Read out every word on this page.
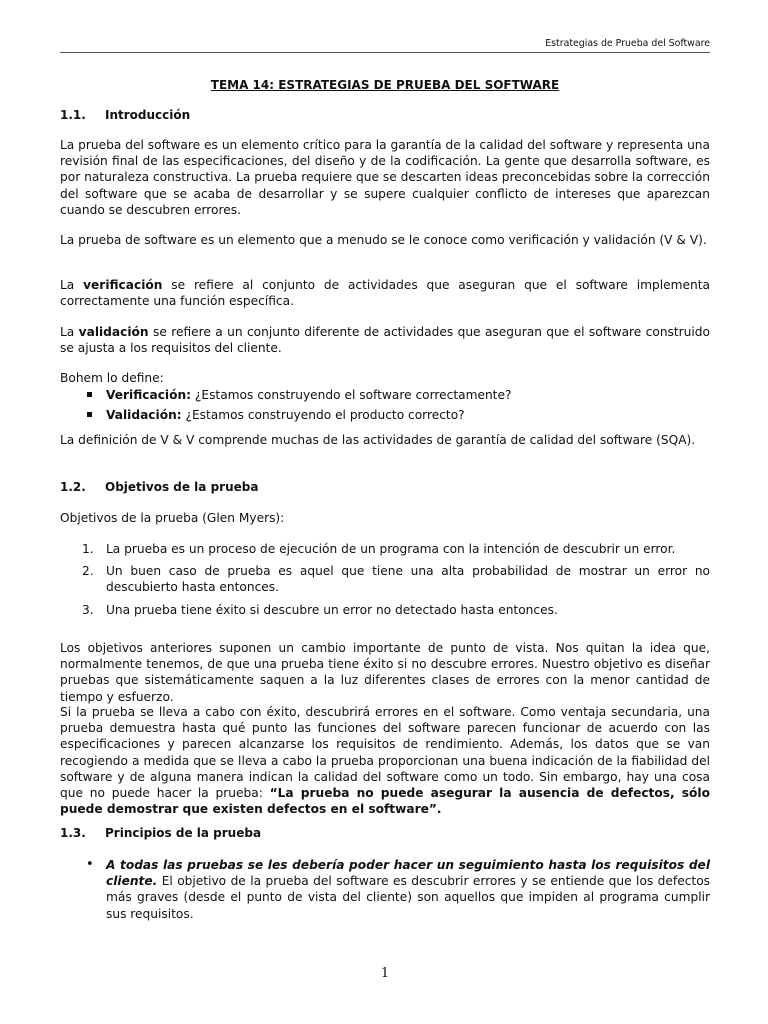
Estrategias de Prueba del Software
TEMA 14: ESTRATEGIAS DE PRUEBA DEL SOFTWARE
1.1. Introducción
La prueba del software es un elemento crítico para la garantía de la calidad del software y representa una revisión final de las especificaciones, del diseño y de la codificación. La gente que desarrolla software, es por naturaleza constructiva. La prueba requiere que se descarten ideas preconcebidas sobre la corrección del software que se acaba de desarrollar y se supere cualquier conflicto de intereses que aparezcan cuando se descubren errores.
La prueba de software es un elemento que a menudo se le conoce como verificación y validación (V & V).
La verificación se refiere al conjunto de actividades que aseguran que el software implementa correctamente una función específica.
La validación se refiere a un conjunto diferente de actividades que aseguran que el software construido se ajusta a los requisitos del cliente.
Bohem lo define:
Verificación: ¿Estamos construyendo el software correctamente?
Validación: ¿Estamos construyendo el producto correcto?
La definición de V & V comprende muchas de las actividades de garantía de calidad del software (SQA).
1.2. Objetivos de la prueba
Objetivos de la prueba (Glen Myers):
1. La prueba es un proceso de ejecución de un programa con la intención de descubrir un error.
2. Un buen caso de prueba es aquel que tiene una alta probabilidad de mostrar un error no descubierto hasta entonces.
3. Una prueba tiene éxito si descubre un error no detectado hasta entonces.
Los objetivos anteriores suponen un cambio importante de punto de vista. Nos quitan la idea que, normalmente tenemos, de que una prueba tiene éxito si no descubre errores. Nuestro objetivo es diseñar pruebas que sistemáticamente saquen a la luz diferentes clases de errores con la menor cantidad de tiempo y esfuerzo.
Si la prueba se lleva a cabo con éxito, descubrirá errores en el software. Como ventaja secundaria, una prueba demuestra hasta qué punto las funciones del software parecen funcionar de acuerdo con las especificaciones y parecen alcanzarse los requisitos de rendimiento. Además, los datos que se van recogiendo a medida que se lleva a cabo la prueba proporcionan una buena indicación de la fiabilidad del software y de alguna manera indican la calidad del software como un todo. Sin embargo, hay una cosa que no puede hacer la prueba: “La prueba no puede asegurar la ausencia de defectos, sólo puede demostrar que existen defectos en el software”.
1.3. Principios de la prueba
•	A todas las pruebas se les debería poder hacer un seguimiento hasta los requisitos del cliente. El objetivo de la prueba del software es descubrir errores y se entiende que los defectos más graves (desde el punto de vista del cliente) son aquellos que impiden al programa cumplir sus requisitos.
1
